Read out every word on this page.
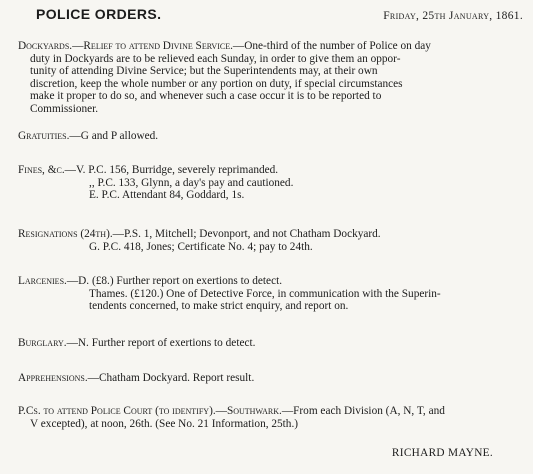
POLICE ORDERS.	Friday, 25th January, 1861.
Dockyards.—Relief to attend Divine Service.—One-third of the number of Police on day
duty in Dockyards are to be relieved each Sunday, in order to give them an oppor-
tunity of attending Divine Service; but the Superintendents may, at their own
discretion, keep the whole number or any portion on duty, if special circumstances
make it proper to do so, and whenever such a case occur it is to be reported to
Commissioner.
Gratuities.—G and P allowed.
Fines, &c.—V. P.C. 156, Burridge, severely reprimanded.
,, P.C. 133, Glynn, a day's pay and cautioned.
E. P.C. Attendant 84, Goddard, 1s.
Resignations (24th).—P.S. 1, Mitchell; Devonport, and not Chatham Dockyard.
G. P.C. 418, Jones; Certificate No. 4; pay to 24th.
Larcenies.—D. (£8.) Further report on exertions to detect.
Thames. (£120.) One of Detective Force, in communication with the Superin-
tendents concerned, to make strict enquiry, and report on.
Burglary.—N. Further report of exertions to detect.
Apprehensions.—Chatham Dockyard. Report result.
P.Cs. to attend Police Court (to identify).—Southwark.—From each Division (A, N, T, and
V excepted), at noon, 26th. (See No. 21 Information, 25th.)
RICHARD MAYNE.
